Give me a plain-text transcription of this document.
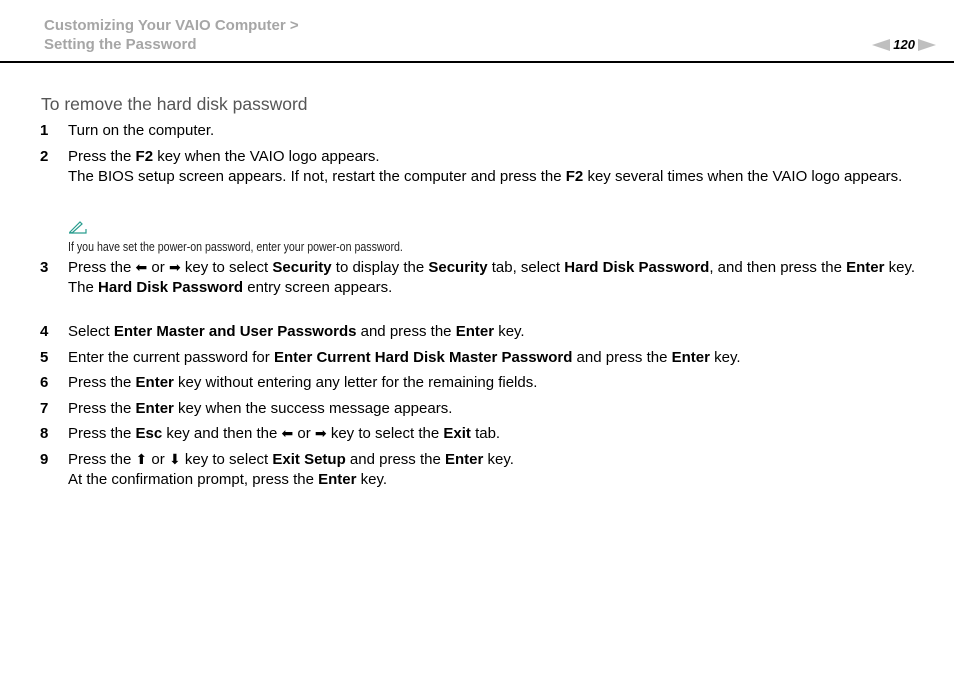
Customizing Your VAIO Computer >
Setting the Password	120
To remove the hard disk password
1 Turn on the computer.
2 Press the F2 key when the VAIO logo appears.
The BIOS setup screen appears. If not, restart the computer and press the F2 key several times when the VAIO logo appears.
3 Press the ⬅ or ➡ key to select Security to display the Security tab, select Hard Disk Password, and then press the Enter key.
The Hard Disk Password entry screen appears.
4 Select Enter Master and User Passwords and press the Enter key.
5 Enter the current password for Enter Current Hard Disk Master Password and press the Enter key.
6 Press the Enter key without entering any letter for the remaining fields.
7 Press the Enter key when the success message appears.
8 Press the Esc key and then the ⬅ or ➡ key to select the Exit tab.
9 Press the ⬆ or ⬇ key to select Exit Setup and press the Enter key.
At the confirmation prompt, press the Enter key.
If you have set the power-on password, enter your power-on password.
